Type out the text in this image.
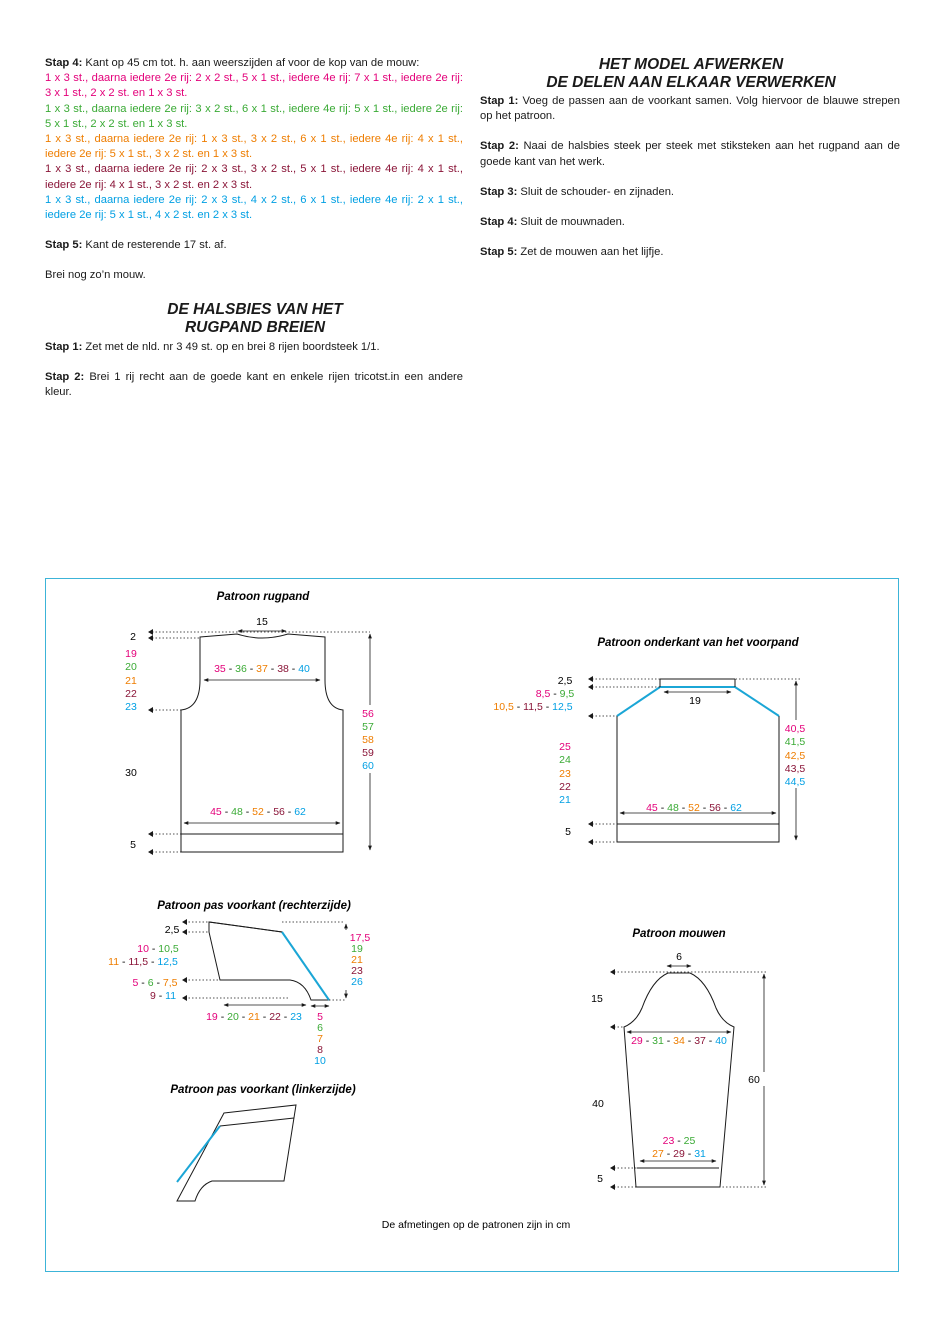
Stap 4: Kant op 45 cm tot. h. aan weerszijden af voor de kop van de mouw:

1 x 3 st., daarna iedere 2e rij: 2 x 2 st., 5 x 1 st., iedere 4e rij: 7 x 1 st., iedere 2e rij: 3 x 1 st., 2 x 2 st. en 1 x 3 st.

1 x 3 st., daarna iedere 2e rij: 3 x 2 st., 6 x 1 st., iedere 4e rij: 5 x 1 st., iedere 2e rij: 5 x 1 st., 2 x 2 st. en 1 x 3 st.

1 x 3 st., daarna iedere 2e rij: 1 x 3 st., 3 x 2 st., 6 x 1 st., iedere 4e rij: 4 x 1 st., iedere 2e rij: 5 x 1 st., 3 x 2 st. en 1 x 3 st.

1 x 3 st., daarna iedere 2e rij: 2 x 3 st., 3 x 2 st., 5 x 1 st., iedere 4e rij: 4 x 1 st., iedere 2e rij: 4 x 1 st., 3 x 2 st. en 2 x 3 st.

1 x 3 st., daarna iedere 2e rij: 2 x 3 st., 4 x 2 st., 6 x 1 st., iedere 4e rij: 2 x 1 st., iedere 2e rij: 5 x 1 st., 4 x 2 st. en 2 x 3 st.

Stap 5: Kant de resterende 17 st. af.

Brei nog zo’n mouw.

DE HALSBIES VAN HET
RUGPAND BREIEN

Stap 1: Zet met de nld. nr 3 49 st. op en brei 8 rijen boordsteek 1/1.

Stap 2: Brei 1 rij recht aan de goede kant en enkele rijen tricotst.in een andere kleur.

HET MODEL AFWERKEN
DE DELEN AAN ELKAAR VERWERKEN

Stap 1: Voeg de passen aan de voorkant samen. Volg hiervoor de blauwe strepen op het patroon.

Stap 2: Naai de halsbies steek per steek met stiksteken aan het rugpand aan de goede kant van het werk.

Stap 3: Sluit de schouder- en zijnaden.

Stap 4: Sluit de mouwnaden.

Stap 5: Zet de mouwen aan het lijfje.

Patroon rugpand
15
2
19
20
21
22
23
35 - 36 - 37 - 38 - 40
56
57
58
59
60
30
45 - 48 - 52 - 56 - 62
5
Patroon onderkant van het voorpand
19
2,5
8,5 - 9,5
10,5 - 11,5 - 12,5
25
24
23
22
21
40,5
41,5
42,5
43,5
44,5
45 - 48 - 52 - 56 - 62
5
Patroon pas voorkant (rechterzijde)
2,5
10 - 10,5
11 - 11,5 - 12,5
5 - 6 - 7,5
9 - 11
17,5
19
21
23
26
19 - 20 - 21 - 22 - 23 5
6
7
8
10
Patroon pas voorkant (linkerzijde)
Patroon mouwen
6
15
29 - 31 - 34 - 37 - 40
60
40
23 - 25
27 - 29 - 31
5
De afmetingen op de patronen zijn in cm
